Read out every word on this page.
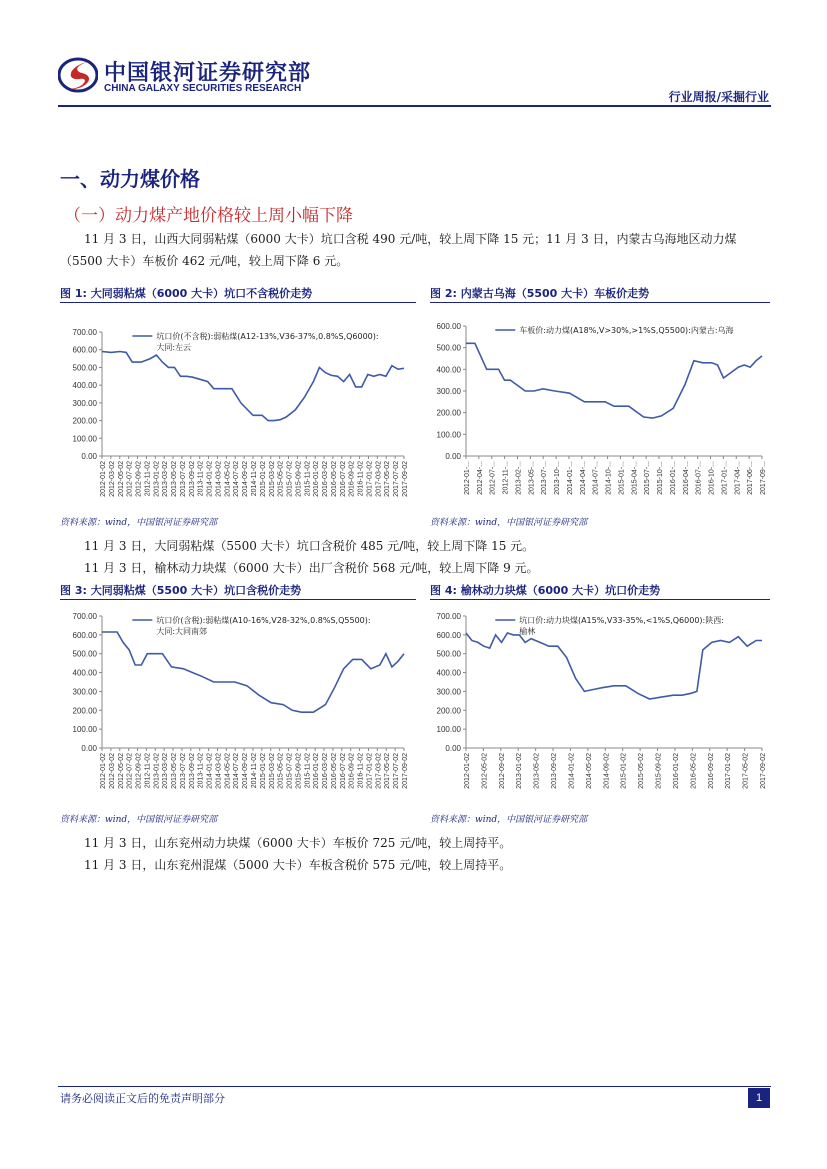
中国银河证券研究部
CHINA GALAXY SECURITIES RESEARCH
行业周报/采掘行业
一、动力煤价格
（一）动力煤产地价格较上周小幅下降
11 月 3 日，山西大同弱粘煤（6000 大卡）坑口含税 490 元/吨，较上周下降 15 元；11 月 3 日，内蒙古乌海地区动力煤（5500 大卡）车板价 462 元/吨，较上周下降 6 元。
图 1: 大同弱粘煤（6000 大卡）坑口不含税价走势	图 2: 内蒙古乌海（5500 大卡）车板价走势
0.00
100.00
200.00
300.00
400.00
500.00
600.00
700.00
2012-01-02 2012-03-02 2012-05-02 2012-07-02 2012-09-02 2012-11-02 2013-01-02 2013-03-02 2013-05-02 2013-07-02 2013-09-02 2013-11-02 2014-01-02 2014-03-02 2014-05-02 2014-07-02 2014-09-02 2014-11-02 2015-01-02 2015-03-02 2015-05-02 2015-07-02 2015-09-02 2015-11-02 2016-01-02 2016-03-02 2016-05-02 2016-07-02 2016-09-02 2016-11-02 2017-01-02 2017-03-02 2017-05-02 2017-07-02 2017-09-02
坑口价(不含税):弱粘煤(A12-13%,V36-37%,0.8%S,Q6000):
大同:左云
0.00
100.00
200.00
300.00
400.00
500.00
600.00
2012-01-... 2012-04-... 2012-07-... 2012-11-... 2013-02-... 2013-05-... 2013-07-... 2013-10-... 2014-01-... 2014-04-... 2014-07-... 2014-10-... 2015-01-... 2015-04-... 2015-07-... 2015-10-... 2016-01-... 2016-04-... 2016-07-... 2016-10-... 2017-01-... 2017-04-... 2017-06-... 2017-09-...
车板价:动力煤(A18%,V>30%,>1%S,Q5500):内蒙古:乌海
资料来源：wind，中国银河证券研究部	资料来源：wind，中国银河证券研究部
11 月 3 日，大同弱粘煤（5500 大卡）坑口含税价 485 元/吨，较上周下降 15 元。
11 月 3 日，榆林动力块煤（6000 大卡）出厂含税价 568 元/吨，较上周下降 9 元。
图 3: 大同弱粘煤（5500 大卡）坑口含税价走势	图 4: 榆林动力块煤（6000 大卡）坑口价走势
0.00
100.00
200.00
300.00
400.00
500.00
600.00
700.00
2012-01-02 2012-03-02 2012-05-02 2012-07-02 2012-09-02 2012-11-02 2013-01-02 2013-03-02 2013-05-02 2013-07-02 2013-09-02 2013-11-02 2014-01-02 2014-03-02 2014-05-02 2014-07-02 2014-09-02 2014-11-02 2015-01-02 2015-03-02 2015-05-02 2015-07-02 2015-09-02 2015-11-02 2016-01-02 2016-03-02 2016-05-02 2016-07-02 2016-09-02 2016-11-02 2017-01-02 2017-03-02 2017-05-02 2017-07-02 2017-09-02
坑口价(含税):弱粘煤(A10-16%,V28-32%,0.8%S,Q5500):
大同:大同南郊
0.00
100.00
200.00
300.00
400.00
500.00
600.00
700.00
2012-01-02 2012-05-02 2012-09-02 2013-01-02 2013-05-02 2013-09-02 2014-01-02 2014-05-02 2014-09-02 2015-01-02 2015-05-02 2015-09-02 2016-01-02 2016-05-02 2016-09-02 2017-01-02 2017-05-02 2017-09-02
坑口价:动力块煤(A15%,V33-35%,<1%S,Q6000):陕西:
榆林
资料来源：wind，中国银河证券研究部	资料来源：wind，中国银河证券研究部
11 月 3 日，山东兖州动力块煤（6000 大卡）车板价 725 元/吨，较上周持平。
11 月 3 日，山东兖州混煤（5000 大卡）车板含税价 575 元/吨，较上周持平。
请务必阅读正文后的免责声明部分	1
